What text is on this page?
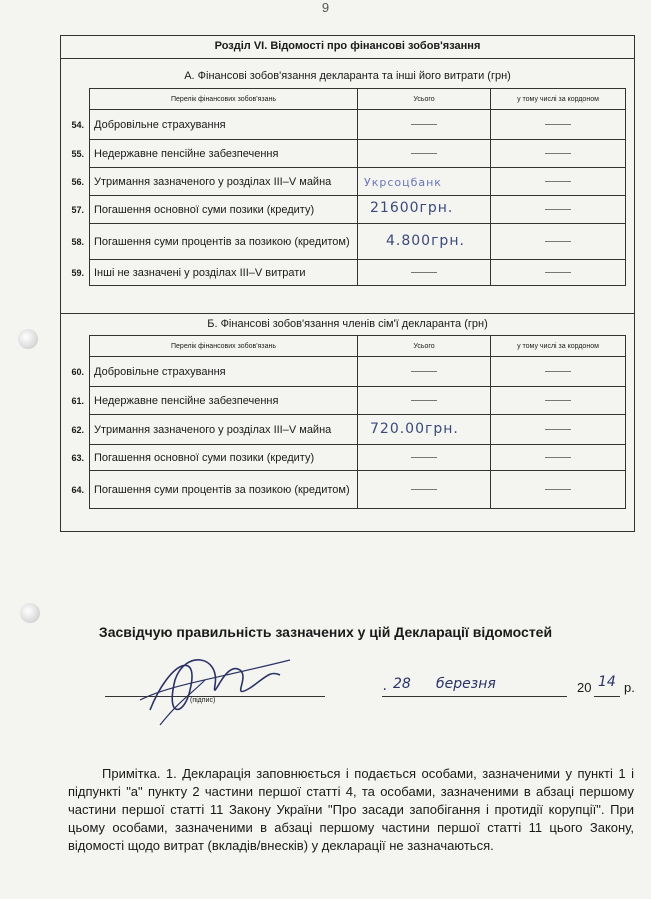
9
Розділ VI. Відомості про фінансові зобов'язання
А. Фінансові зобов'язання декларанта та інші його витрати (грн)
Перелік фінансових зобов'язань	Усього	у тому числі за кордоном

54. Добровільне страхування	

55. Недержавне пенсійне забезпечення	

56. Утримання зазначеного у розділах III–V майна	Укрсоцбанк	

57. Погашення основної суми позики (кредиту)	21600грн.	

58. Погашення суми процентів за позикою (кредитом)	4.800грн.	

59. Інші не зазначені у розділах III–V витрати	

Б. Фінансові зобов'язання членів сім'ї декларанта (грн)
Перелік фінансових зобов'язань	Усього	у тому числі за кордоном

60. Добровільне страхування	

61. Недержавне пенсійне забезпечення	

62. Утримання зазначеного у розділах III–V майна	720.00грн.	

63. Погашення основної суми позики (кредиту)	

64. Погашення суми процентів за позикою (кредитом)	

Засвідчую правильність зазначених у цій Декларації відомостей
(підпис)
. 28 березня	20 14 р.
Примітка. 1. Декларація заповнюється і подається особами, зазначеними у пункті 1 і підпункті "а" пункту 2 частини першої статті 4, та особами, зазначеними в абзаці першому частини першої статті 11 Закону України "Про засади запобігання і протидії корупції". При цьому особами, зазначеними в абзаці першому частини першої статті 11 цього Закону, відомості щодо витрат (вкладів/внесків) у декларації не зазначаються.
